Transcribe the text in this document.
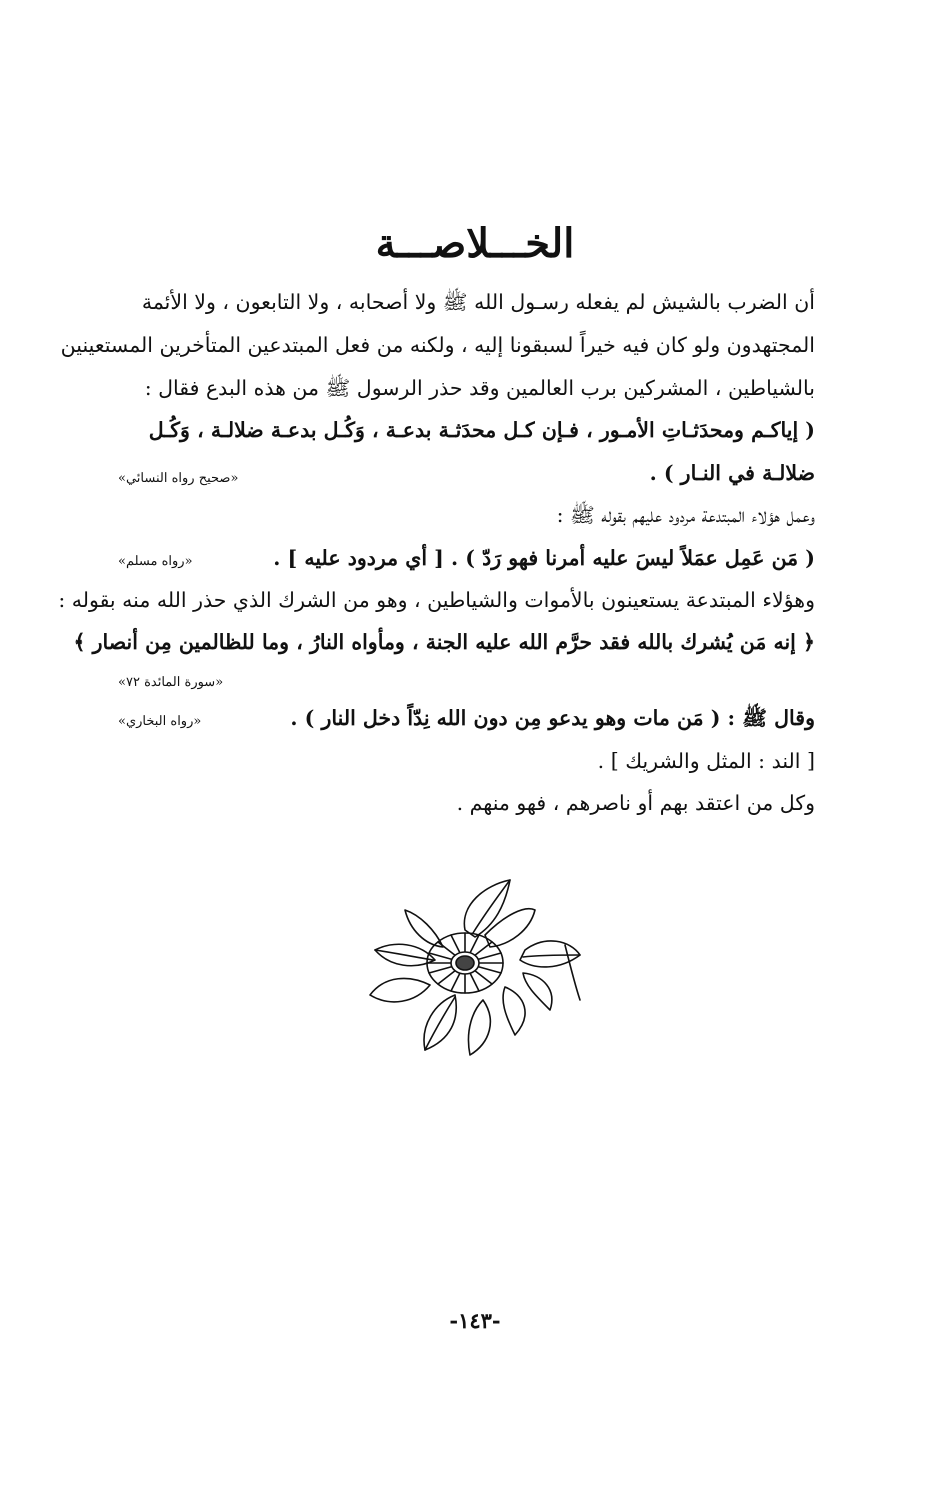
الخـــلاصـــة
أن الضرب بالشيش لم يفعله رسـول الله ﷺ ولا أصحابه ، ولا التابعون ، ولا الأئمة
المجتهدون ولو كان فيه خيراً لسبقونا إليه ، ولكنه من فعل المبتدعين المتأخرين المستعينين
بالشياطين ، المشركين برب العالمين وقد حذر الرسول ﷺ من هذه البدع فقال :
( إياكـم ومحدَثـاتِ الأمـور ، فـإن كـل محدَثـة بدعـة ، وَكُـل بدعـة ضلالـة ، وَكُـل
ضلالـة في النـار ) .
«صحيح رواه النسائي»
وعمل هؤلاء المبتدعة مردود عليهم بقوله ﷺ :
( مَن عَمِل عمَلاً ليسَ عليه أمرنا فهو رَدّ ) . [ أي مردود عليه ] .
«رواه مسلم»
وهؤلاء المبتدعة يستعينون بالأموات والشياطين ، وهو من الشرك الذي حذر الله منه بقوله :
﴿ إنه مَن يُشرك بالله فقد حرَّم الله عليه الجنة ، ومأواه النارُ ، وما للظالمين مِن أنصار ﴾
«سورة المائدة ٧٢»
وقال ﷺ : ( مَن مات وهو يدعو مِن دون الله نِدّاً دخل النار ) .
«رواه البخاري»
[ الند : المثل والشريك ] .
وكل من اعتقد بهم أو ناصرهم ، فهو منهم .
-١٤٣-
